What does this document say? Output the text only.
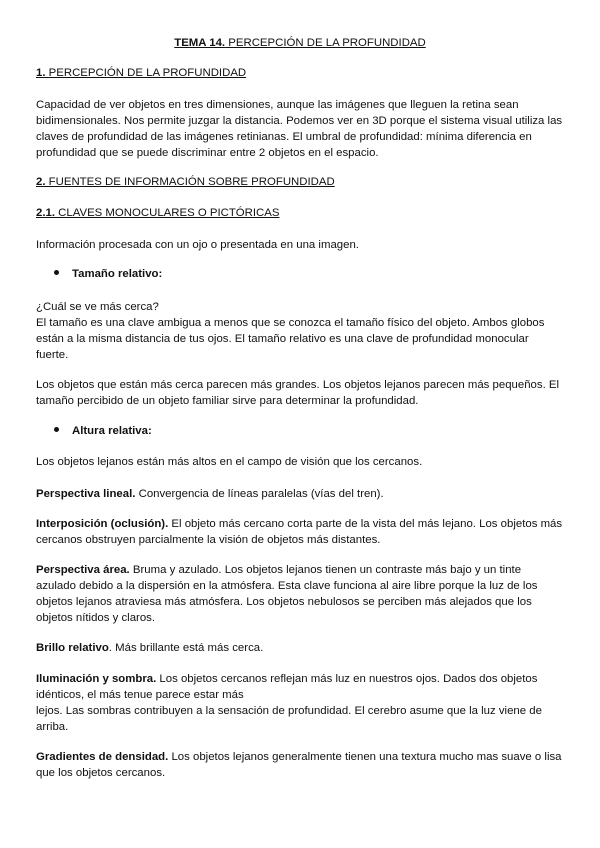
TEMA 14. PERCEPCIÓN DE LA PROFUNDIDAD
1. PERCEPCIÓN DE LA PROFUNDIDAD

Capacidad de ver objetos en tres dimensiones, aunque las imágenes que lleguen la retina sean bidimensionales. Nos permite juzgar la distancia. Podemos ver en 3D porque el sistema visual utiliza las claves de profundidad de las imágenes retinianas. El umbral de profundidad: mínima diferencia en profundidad que se puede discriminar entre 2 objetos en el espacio.

2. FUENTES DE INFORMACIÓN SOBRE PROFUNDIDAD
2.1. CLAVES MONOCULARES O PICTÓRICAS

Información procesada con un ojo o presentada en una imagen.

Tamaño relativo:

¿Cuál se ve más cerca?

El tamaño es una clave ambigua a menos que se conozca el tamaño físico del objeto. Ambos globos están a la misma distancia de tus ojos. El tamaño relativo es una clave de profundidad monocular fuerte.

Los objetos que están más cerca parecen más grandes. Los objetos lejanos parecen más pequeños. El tamaño percibido de un objeto familiar sirve para determinar la profundidad.

Altura relativa:

Los objetos lejanos están más altos en el campo de visión que los cercanos.

Perspectiva lineal. Convergencia de líneas paralelas (vías del tren).

Interposición (oclusión). El objeto más cercano corta parte de la vista del más lejano. Los objetos más cercanos obstruyen parcialmente la visión de objetos más distantes.

Perspectiva área. Bruma y azulado. Los objetos lejanos tienen un contraste más bajo y un tinte azulado debido a la dispersión en la atmósfera. Esta clave funciona al aire libre porque la luz de los objetos lejanos atraviesa más atmósfera. Los objetos nebulosos se perciben más alejados que los objetos nítidos y claros.

Brillo relativo. Más brillante está más cerca.

Iluminación y sombra. Los objetos cercanos reflejan más luz en nuestros ojos. Dados dos objetos idénticos, el más tenue parece estar más
lejos. Las sombras contribuyen a la sensación de profundidad. El cerebro asume que la luz viene de arriba.

Gradientes de densidad. Los objetos lejanos generalmente tienen una textura mucho mas suave o lisa que los objetos cercanos.
